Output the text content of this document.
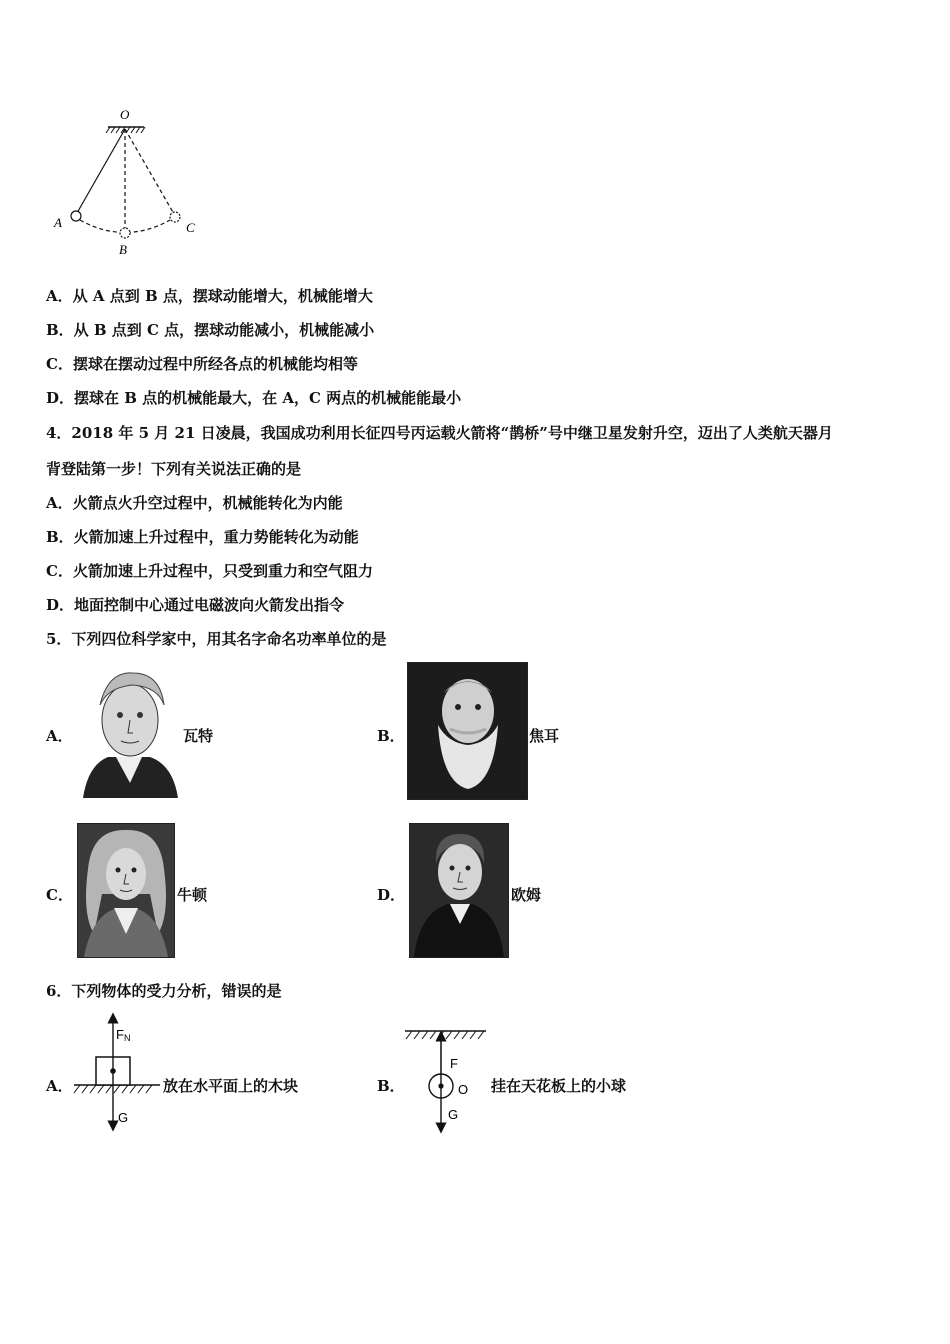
O
A
B
C
A．从 A 点到 B 点，摆球动能增大，机械能增大
B．从 B 点到 C 点，摆球动能减小，机械能减小
C．摆球在摆动过程中所经各点的机械能均相等
D．摆球在 B 点的机械能最大，在 A，C 两点的机械能能最小
4．2018 年 5 月 21 日凌晨，我国成功利用长征四号丙运载火箭将“鹊桥”号中继卫星发射升空，迈出了人类航天器月
背登陆第一步！下列有关说法正确的是
A．火箭点火升空过程中，机械能转化为内能
B．火箭加速上升过程中，重力势能转化为动能
C．火箭加速上升过程中，只受到重力和空气阻力
D．地面控制中心通过电磁波向火箭发出指令
5．下列四位科学家中，用其名字命名功率单位的是
A．	瓦特	B．	焦耳
C．	牛顿	D．	欧姆
6．下列物体的受力分析，错误的是
A．
FN
G
放在水平面上的木块	B．
F
O
G
挂在天花板上的小球
